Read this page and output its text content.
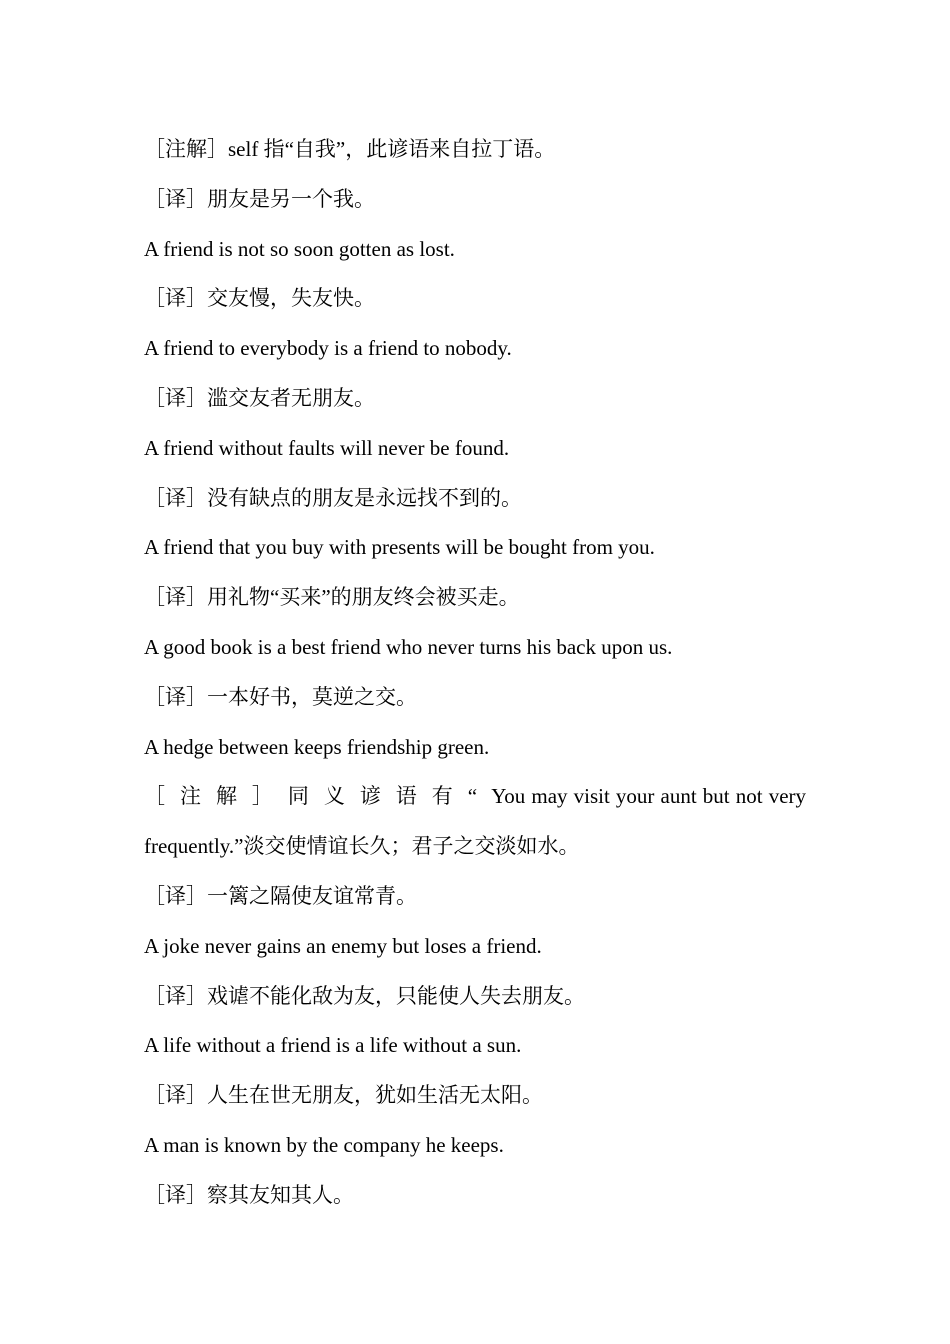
［注解］self 指“自我”，此谚语来自拉丁语。
［译］朋友是另一个我。
A friend is not so soon gotten as lost.
［译］交友慢，失友快。
A friend to everybody is a friend to nobody.
［译］滥交友者无朋友。
A friend without faults will never be found.
［译］没有缺点的朋友是永远找不到的。
A friend that you buy with presents will be bought from you.
［译］用礼物“买来”的朋友终会被买走。
A good book is a best friend who never turns his back upon us.
［译］一本好书，莫逆之交。
A hedge between keeps friendship green.
［ 注 解 ］ 同 义 谚 语 有 “ You may visit your aunt but not very
frequently.”淡交使情谊长久；君子之交淡如水。
［译］一篱之隔使友谊常青。
A joke never gains an enemy but loses a friend.
［译］戏谑不能化敌为友，只能使人失去朋友。
A life without a friend is a life without a sun.
［译］人生在世无朋友，犹如生活无太阳。
A man is known by the company he keeps.
［译］察其友知其人。
